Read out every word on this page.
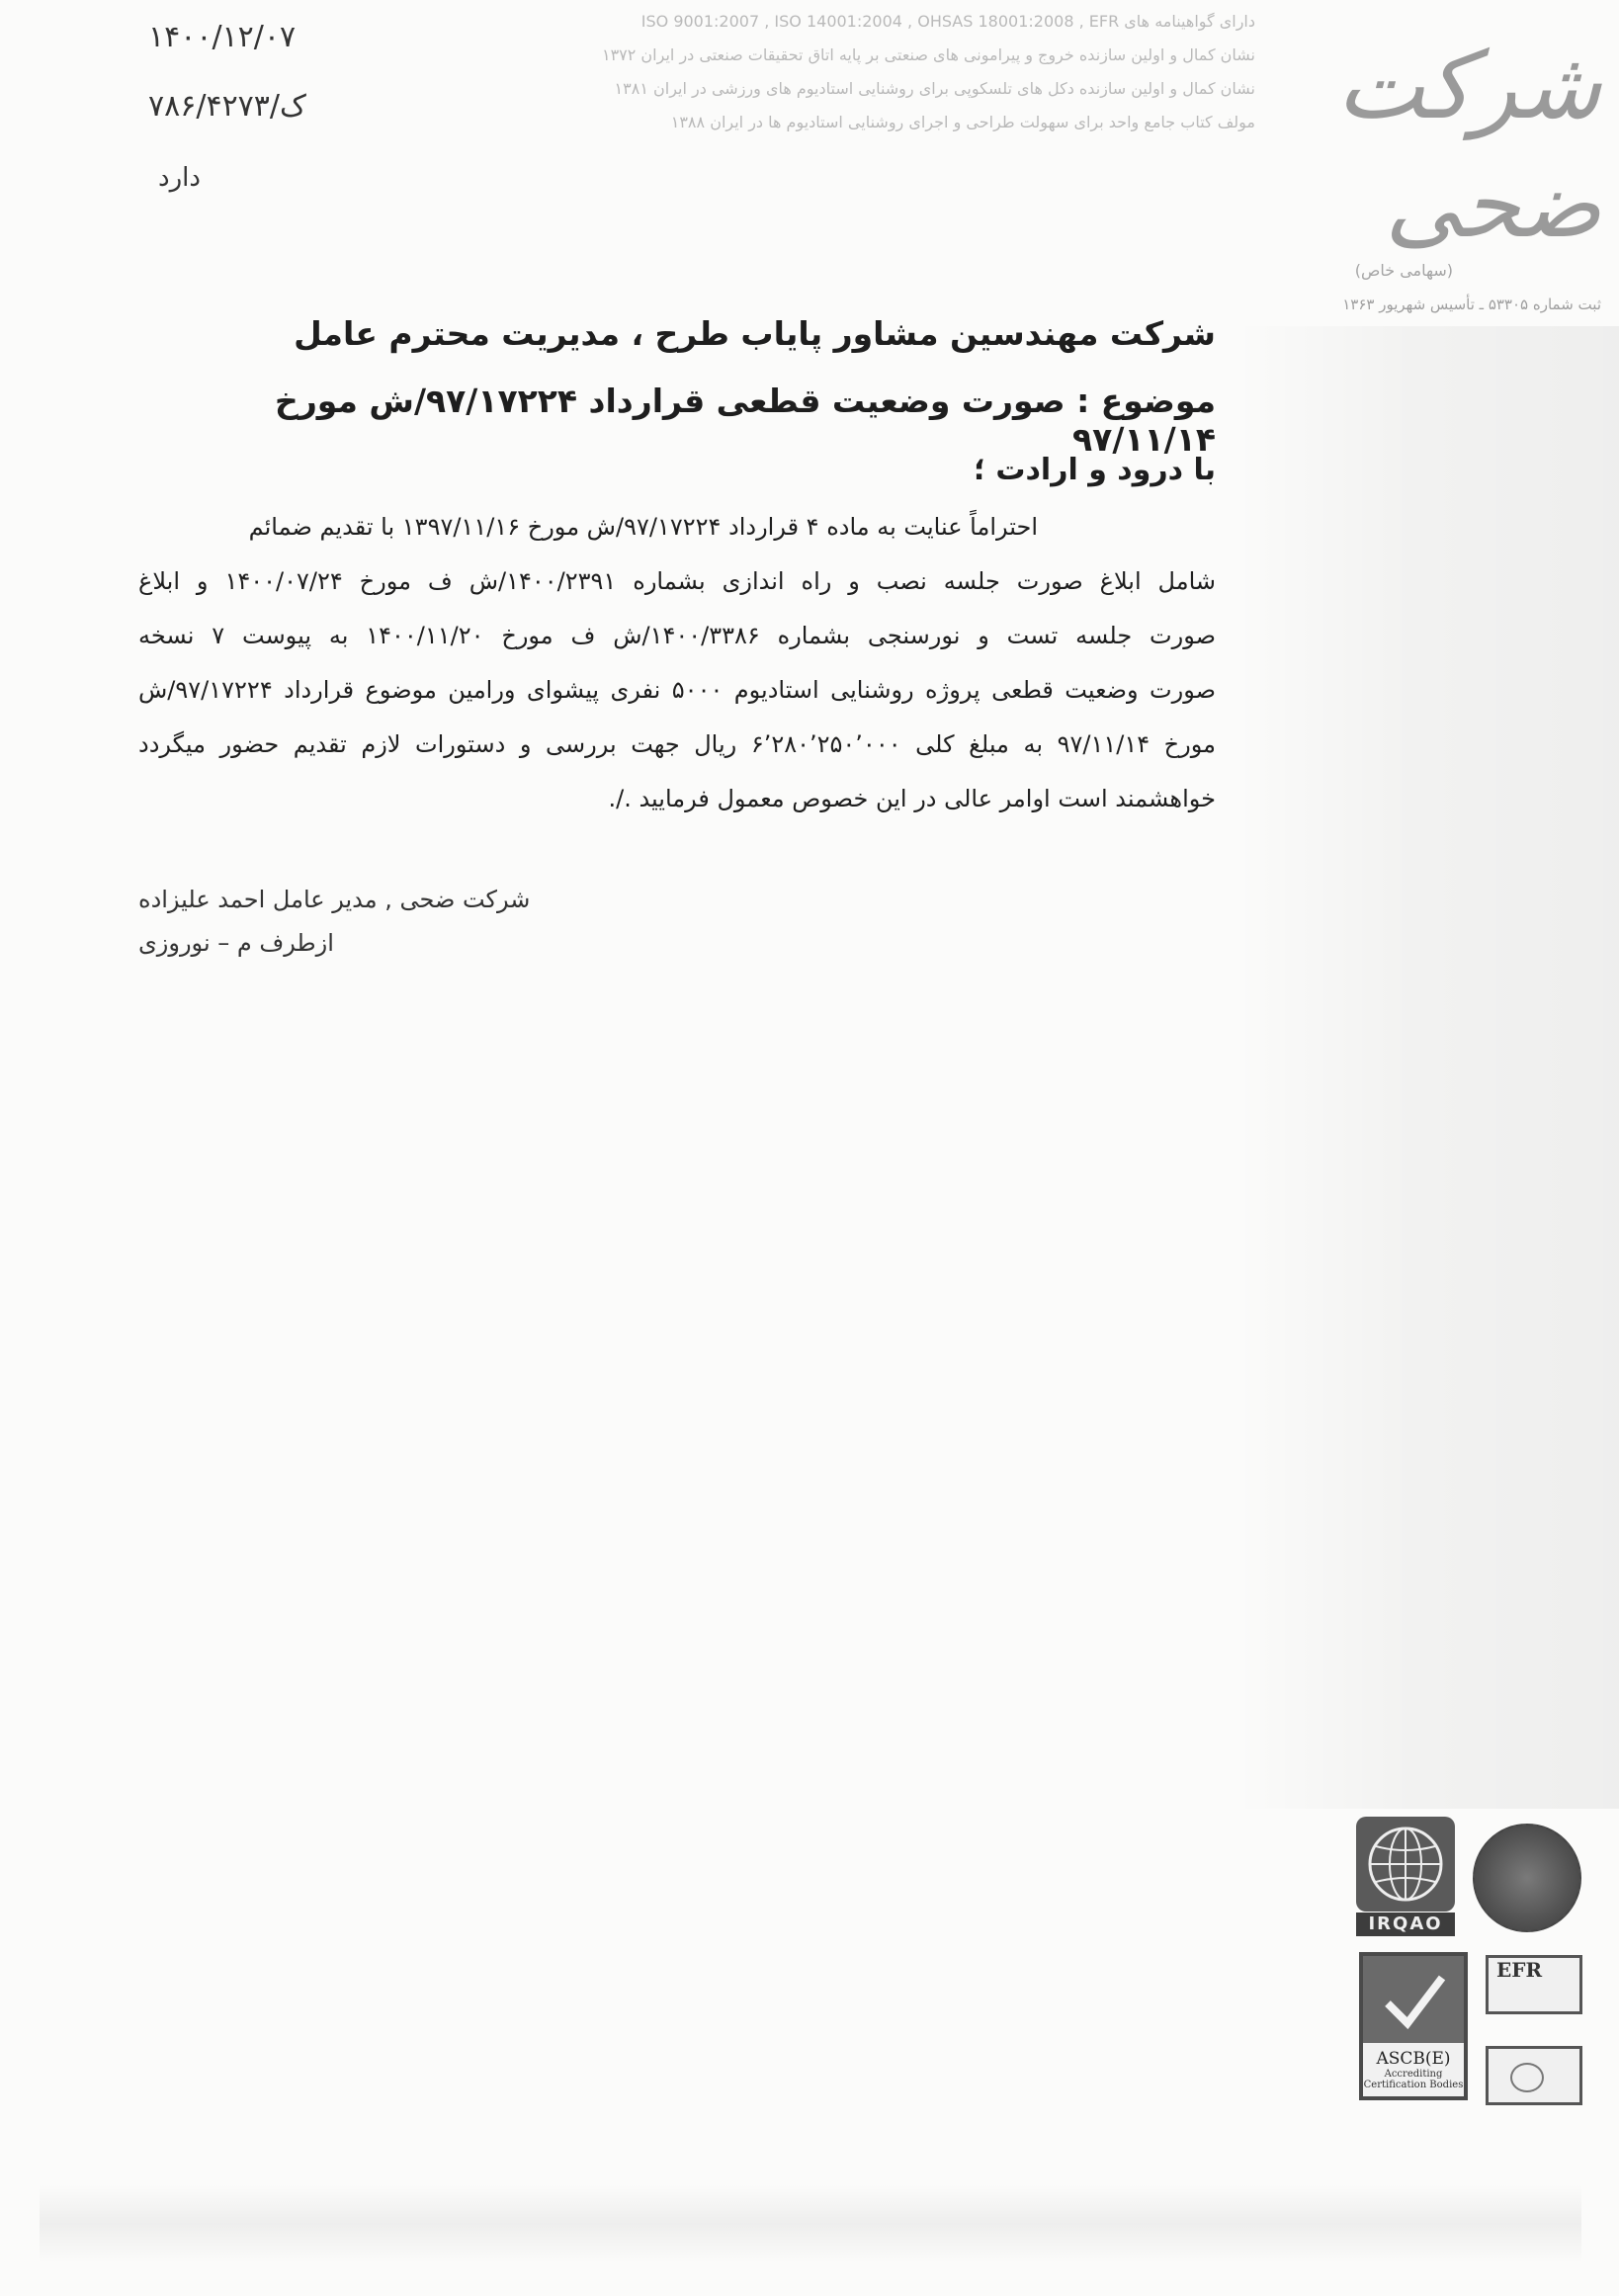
۱۴۰۰/۱۲/۰۷
۷۸۶/ک/۴۲۷۳
دارد
دارای گواهینامه های ISO 9001:2007 , ISO 14001:2004 , OHSAS 18001:2008 , EFR
نشان کمال و اولین سازنده خروج و پیرامونی های صنعتی بر پایه اتاق تحقیقات صنعتی در ایران ۱۳۷۲
نشان کمال و اولین سازنده دکل های تلسکوپی برای روشنایی استادیوم های ورزشی در ایران ۱۳۸۱
مولف کتاب جامع واحد برای سهولت طراحی و اجرای روشنایی استادیوم ها در ایران ۱۳۸۸ شرکت ضحی
(سهامی خاص)
ثبت شماره ۵۳۳۰۵ ـ تأسیس شهریور ۱۳۶۳
شرکت مهندسین مشاور پایاب طرح ، مدیریت محترم عامل
موضوع : صورت وضعیت قطعی قرارداد ۹۷/۱۷۲۲۴/ش مورخ ۹۷/۱۱/۱۴
با درود و ارادت ؛
احتراماً عنایت به ماده ۴ قرارداد ۹۷/۱۷۲۲۴/ش مورخ ۱۳۹۷/۱۱/۱۶ با تقدیم ضمائم
شامل ابلاغ صورت جلسه نصب و راه اندازی بشماره ۱۴۰۰/۲۳۹۱/ش ف مورخ ۱۴۰۰/۰۷/۲۴ و ابلاغ
صورت جلسه تست و نورسنجی بشماره ۱۴۰۰/۳۳۸۶/ش ف مورخ ۱۴۰۰/۱۱/۲۰ به پیوست ۷ نسخه
صورت وضعیت قطعی پروژه روشنایی استادیوم ۵۰۰۰ نفری پیشوای ورامین موضوع قرارداد ۹۷/۱۷۲۲۴/ش
مورخ ۹۷/۱۱/۱۴ به مبلغ کلی ۶٬۲۸۰٬۲۵۰٬۰۰۰ ریال جهت بررسی و دستورات لازم تقدیم حضور میگردد
خواهشمند است اوامر عالی در این خصوص معمول فرمایید ./.
شرکت ضحی , مدیر عامل احمد علیزاده
ازطرف م – نوروزی
IRQAO
ASCB(E)
Accrediting Certification Bodies
EFR
